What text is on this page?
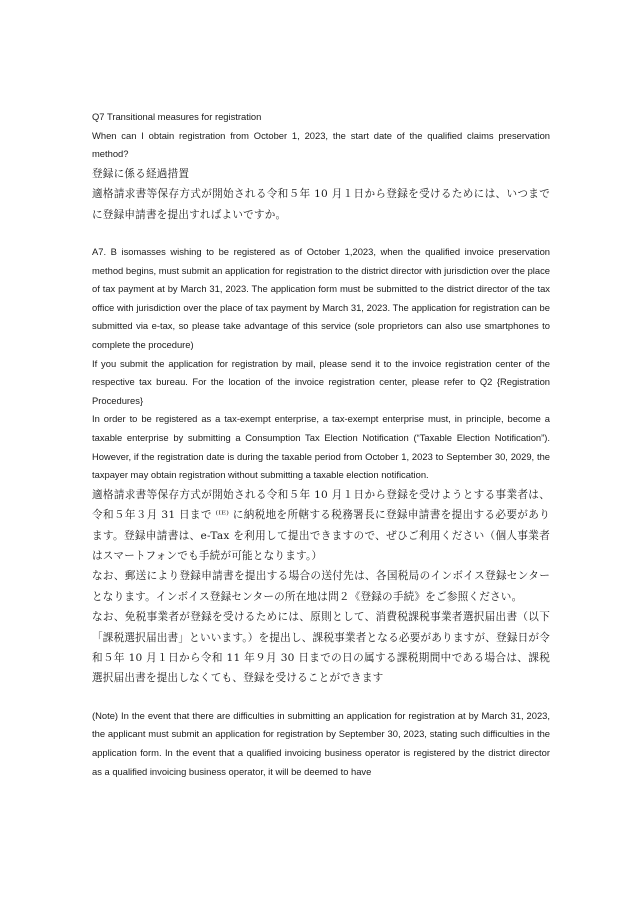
Q7 Transitional measures for registration

When can I obtain registration from October 1, 2023, the start date of the qualified claims preservation method?

登録に係る経過措置

適格請求書等保存方式が開始される令和５年 10 月１日から登録を受けるためには、いつまでに登録申請書を提出すればよいですか。

A7. B isomasses wishing to be registered as of October 1,2023, when the qualified invoice preservation method begins, must submit an application for registration to the district director with jurisdiction over the place of tax payment at by March 31, 2023. The application form must be submitted to the district director of the tax office with jurisdiction over the place of tax payment by March 31, 2023. The application for registration can be submitted via e-tax, so please take advantage of this service (sole proprietors can also use smartphones to complete the procedure)

If you submit the application for registration by mail, please send it to the invoice registration center of the respective tax bureau. For the location of the invoice registration center, please refer to Q2 {Registration Procedures}

In order to be registered as a tax-exempt enterprise, a tax-exempt enterprise must, in principle, become a taxable enterprise by submitting a Consumption Tax Election Notification (“Taxable Election Notification”). However, if the registration date is during the taxable period from October 1, 2023 to September 30, 2029, the taxpayer may obtain registration without submitting a taxable election notification.

適格請求書等保存方式が開始される令和５年 10 月１日から登録を受けようとする事業者は、令和５年３月 31 日まで ⁽ᴵᴱ⁾ に納税地を所轄する税務署長に登録申請書を提出する必要があります。登録申請書は、e-Tax を利用して提出できますので、ぜひご利用ください（個人事業者はスマートフォンでも手続が可能となります。）

なお、郵送により登録申請書を提出する場合の送付先は、各国税局のインボイス登録センターとなります。インボイス登録センターの所在地は問２《登録の手続》をご参照ください。

なお、免税事業者が登録を受けるためには、原則として、消費税課税事業者選択届出書（以下「課税選択届出書」といいます。）を提出し、課税事業者となる必要がありますが、登録日が令和５年 10 月１日から令和 11 年９月 30 日までの日の属する課税期間中である場合は、課税選択届出書を提出しなくても、登録を受けることができます

(Note) In the event that there are difficulties in submitting an application for registration at by March 31, 2023, the applicant must submit an application for registration by September 30, 2023, stating such difficulties in the application form. In the event that a qualified invoicing business operator is registered by the district director as a qualified invoicing business operator, it will be deemed to have
